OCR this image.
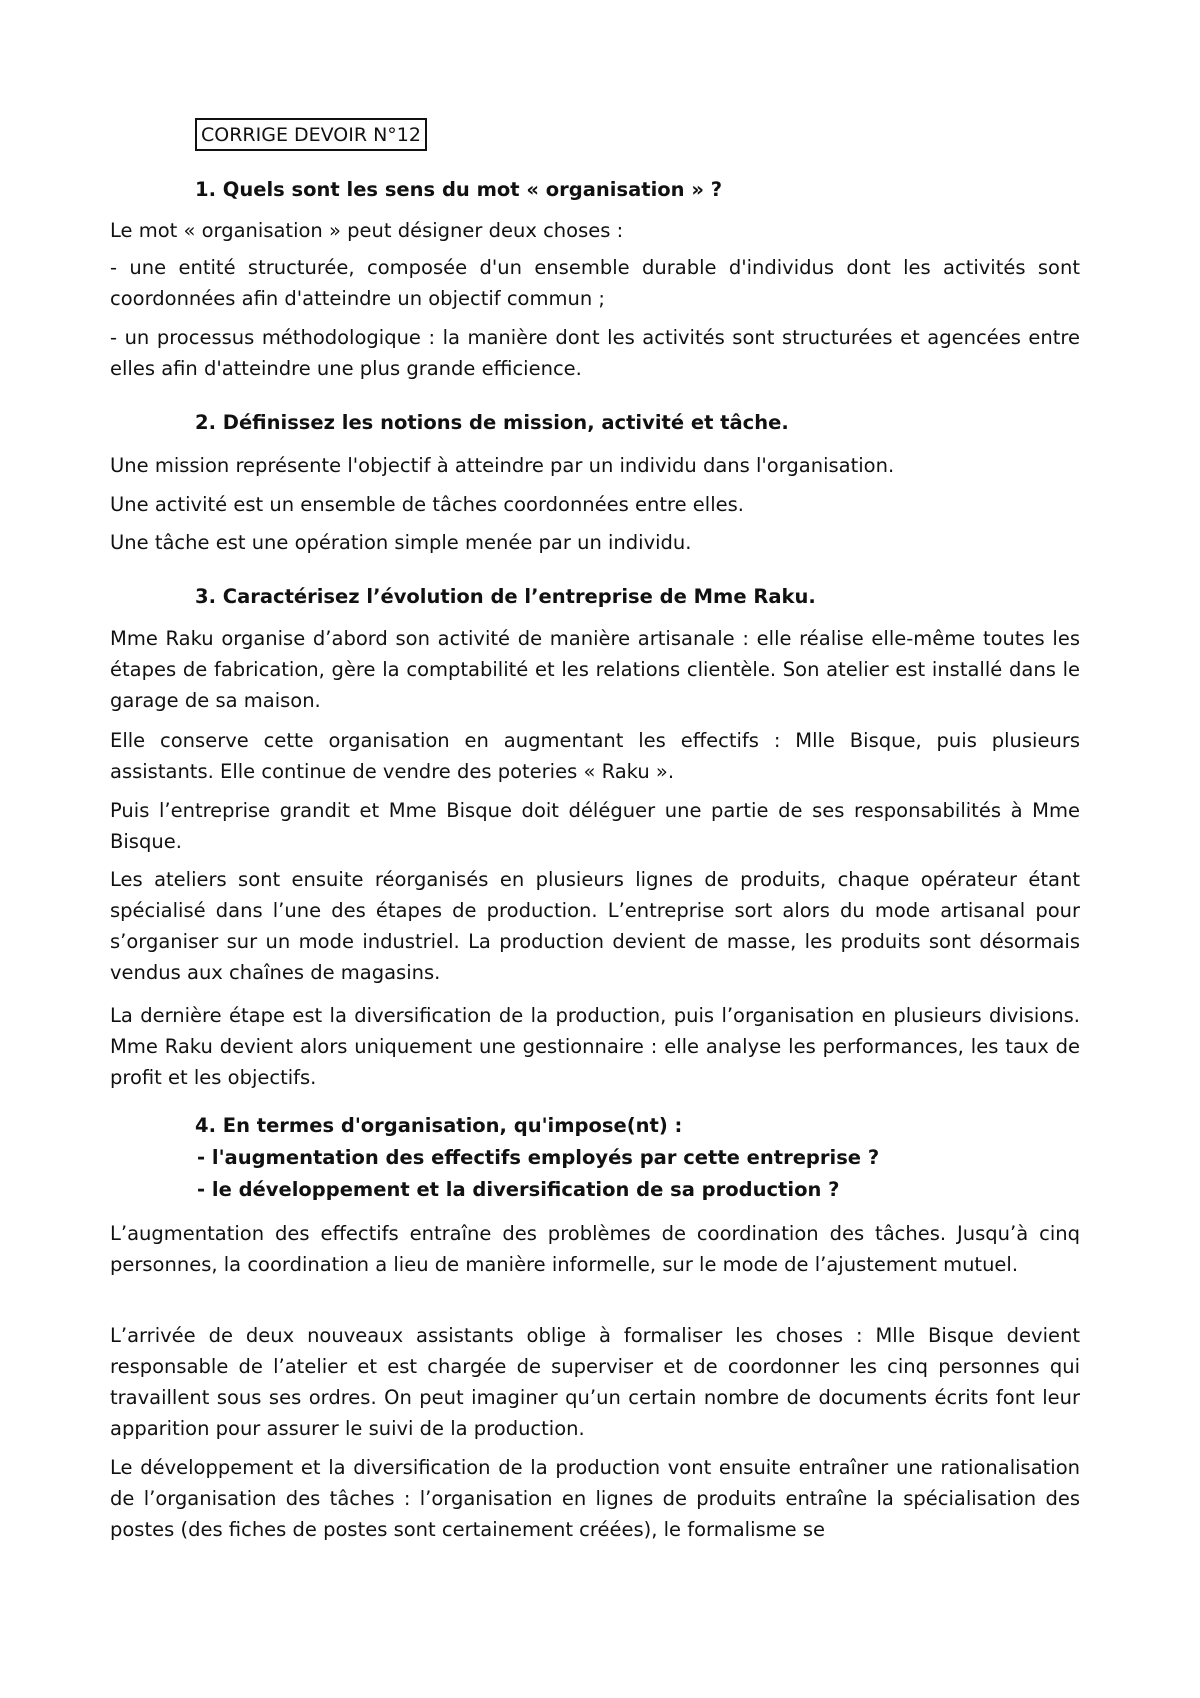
CORRIGE DEVOIR N°12
1. Quels sont les sens du mot « organisation » ?

Le mot « organisation » peut désigner deux choses :

- une entité structurée, composée d'un ensemble durable d'individus dont les activités sont coordonnées afin d'atteindre un objectif commun ;

- un processus méthodologique : la manière dont les activités sont structurées et agencées entre elles afin d'atteindre une plus grande efficience.

2. Définissez les notions de mission, activité et tâche.

Une mission représente l'objectif à atteindre par un individu dans l'organisation.

Une activité est un ensemble de tâches coordonnées entre elles.

Une tâche est une opération simple menée par un individu.

3. Caractérisez l’évolution de l’entreprise de Mme Raku.

Mme Raku organise d’abord son activité de manière artisanale : elle réalise elle-même toutes les étapes de fabrication, gère la comptabilité et les relations clientèle. Son atelier est installé dans le garage de sa maison.

Elle conserve cette organisation en augmentant les effectifs : Mlle Bisque, puis plusieurs assistants. Elle continue de vendre des poteries « Raku ».

Puis l’entreprise grandit et Mme Bisque doit déléguer une partie de ses responsabilités à Mme Bisque.

Les ateliers sont ensuite réorganisés en plusieurs lignes de produits, chaque opérateur étant spécialisé dans l’une des étapes de production. L’entreprise sort alors du mode artisanal pour s’organiser sur un mode industriel. La production devient de masse, les produits sont désormais vendus aux chaînes de magasins.

La dernière étape est la diversification de la production, puis l’organisation en plusieurs divisions. Mme Raku devient alors uniquement une gestionnaire : elle analyse les performances, les taux de profit et les objectifs.

4. En termes d'organisation, qu'impose(nt) :
- l'augmentation des effectifs employés par cette entreprise ?
- le développement et la diversification de sa production ?

L’augmentation des effectifs entraîne des problèmes de coordination des tâches. Jusqu’à cinq personnes, la coordination a lieu de manière informelle, sur le mode de l’ajustement mutuel.

L’arrivée de deux nouveaux assistants oblige à formaliser les choses : Mlle Bisque devient responsable de l’atelier et est chargée de superviser et de coordonner les cinq personnes qui travaillent sous ses ordres. On peut imaginer qu’un certain nombre de documents écrits font leur apparition pour assurer le suivi de la production.

Le développement et la diversification de la production vont ensuite entraîner une rationalisation de l’organisation des tâches : l’organisation en lignes de produits entraîne la spécialisation des postes (des fiches de postes sont certainement créées), le formalisme se
